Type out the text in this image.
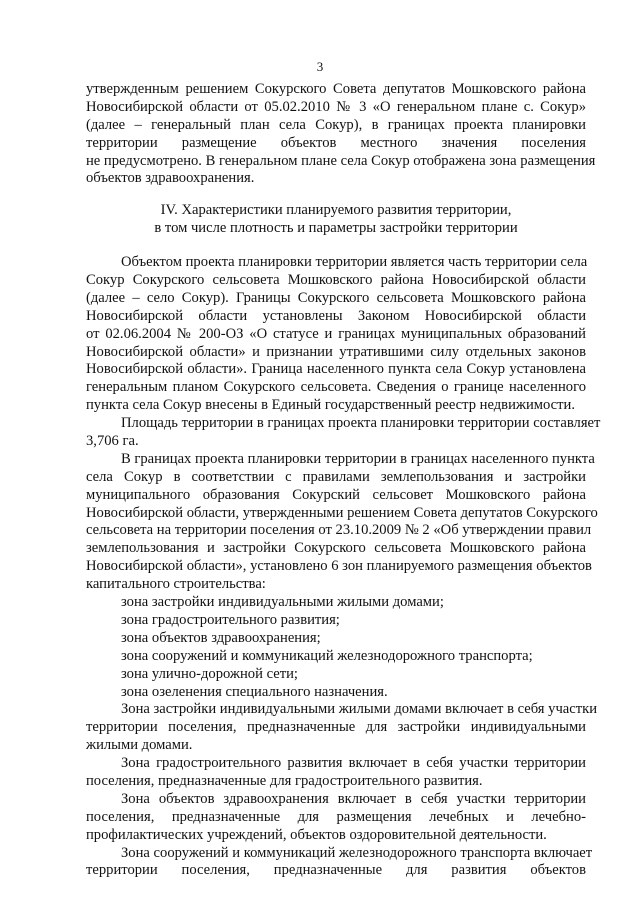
3
утвержденным решением Сокурского Совета депутатов Мошковского района
Новосибирской области от 05.02.2010 № 3 «О генеральном плане с. Сокур»
(далее – генеральный план села Сокур), в границах проекта планировки
территории размещение объектов местного значения поселения
не предусмотрено. В генеральном плане села Сокур отображена зона размещения
объектов здравоохранения.
IV. Характеристики планируемого развития территории,
в том числе плотность и параметры застройки территории
Объектом проекта планировки территории является часть территории села
Сокур Сокурского сельсовета Мошковского района Новосибирской области
(далее – село Сокур). Границы Сокурского сельсовета Мошковского района
Новосибирской области установлены Законом Новосибирской области
от 02.06.2004 № 200-ОЗ «О статусе и границах муниципальных образований
Новосибирской области» и признании утратившими силу отдельных законов
Новосибирской области». Граница населенного пункта села Сокур установлена
генеральным планом Сокурского сельсовета. Сведения о границе населенного
пункта села Сокур внесены в Единый государственный реестр недвижимости.
Площадь территории в границах проекта планировки территории составляет
3,706 га.
В границах проекта планировки территории в границах населенного пункта
села Сокур в соответствии с правилами землепользования и застройки
муниципального образования Сокурский сельсовет Мошковского района
Новосибирской области, утвержденными решением Совета депутатов Сокурского
сельсовета на территории поселения от 23.10.2009 № 2 «Об утверждении правил
землепользования и застройки Сокурского сельсовета Мошковского района
Новосибирской области», установлено 6 зон планируемого размещения объектов
капитального строительства:
зона застройки индивидуальными жилыми домами;
зона градостроительного развития;
зона объектов здравоохранения;
зона сооружений и коммуникаций железнодорожного транспорта;
зона улично-дорожной сети;
зона озеленения специального назначения.
Зона застройки индивидуальными жилыми домами включает в себя участки
территории поселения, предназначенные для застройки индивидуальными
жилыми домами.
Зона градостроительного развития включает в себя участки территории
поселения, предназначенные для градостроительного развития.
Зона объектов здравоохранения включает в себя участки территории
поселения, предназначенные для размещения лечебных и лечебно-
профилактических учреждений, объектов оздоровительной деятельности.
Зона сооружений и коммуникаций железнодорожного транспорта включает
территории поселения, предназначенные для развития объектов
